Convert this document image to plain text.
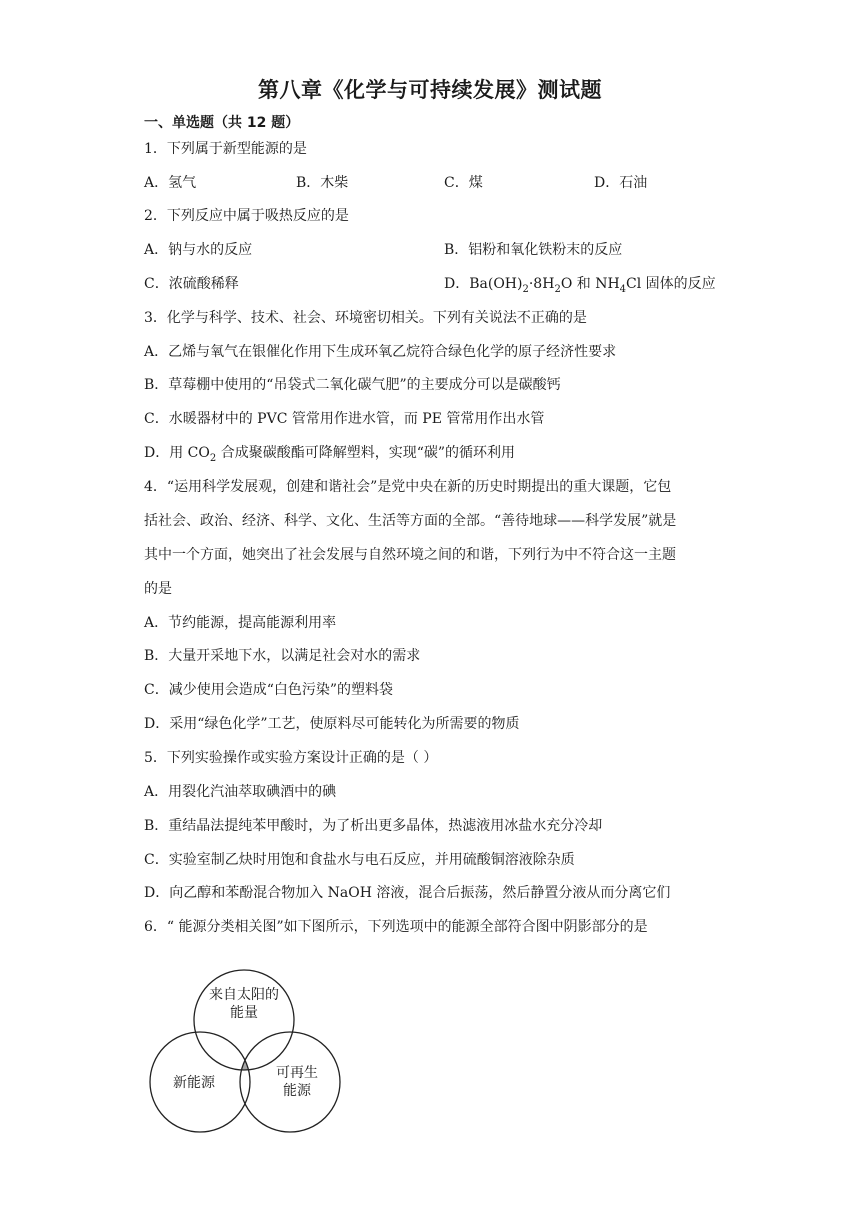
第八章《化学与可持续发展》测试题
一、单选题（共 12 题）
1．下列属于新型能源的是
A．氢气	B．木柴	C．煤	D．石油
2．下列反应中属于吸热反应的是
A．钠与水的反应	B．铝粉和氧化铁粉末的反应
C．浓硫酸稀释	D．$Ba(OH)_2\cdot 8H_2O$ 和 $NH_4Cl$ 固体的反应
3．化学与科学、技术、社会、环境密切相关。下列有关说法不正确的是
A．乙烯与氧气在银催化作用下生成环氧乙烷符合绿色化学的原子经济性要求
B．草莓棚中使用的“吊袋式二氧化碳气肥”的主要成分可以是碳酸钙
C．水暖器材中的 PVC 管常用作进水管，而 PE 管常用作出水管
D．用 $CO_2$ 合成聚碳酸酯可降解塑料，实现“碳”的循环利用
4．“运用科学发展观，创建和谐社会”是党中央在新的历史时期提出的重大课题，它包
括社会、政治、经济、科学、文化、生活等方面的全部。“善待地球——科学发展”就是
其中一个方面，她突出了社会发展与自然环境之间的和谐，下列行为中不符合这一主题
的是
A．节约能源，提高能源利用率
B．大量开采地下水，以满足社会对水的需求
C．减少使用会造成“白色污染”的塑料袋
D．采用“绿色化学”工艺，使原料尽可能转化为所需要的物质
5．下列实验操作或实验方案设计正确的是（ ）
A．用裂化汽油萃取碘酒中的碘
B．重结晶法提纯苯甲酸时，为了析出更多晶体，热滤液用冰盐水充分冷却
C．实验室制乙炔时用饱和食盐水与电石反应，并用硫酸铜溶液除杂质
D．向乙醇和苯酚混合物加入 NaOH 溶液，混合后振荡，然后静置分液从而分离它们
6．“ 能源分类相关图”如下图所示，下列选项中的能源全部符合图中阴影部分的是
来自太阳的
能量
新能源
可再生
能源
